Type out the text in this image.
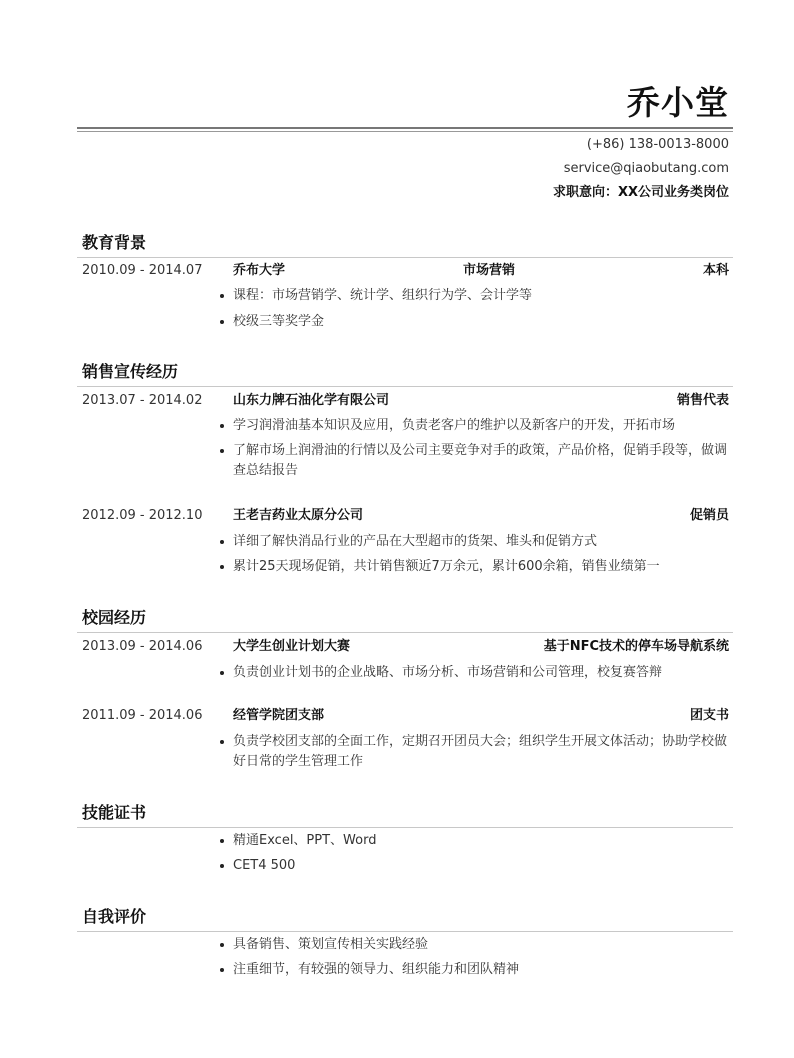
乔小堂
(+86) 138-0013-8000
service@qiaobutang.com
求职意向：XX公司业务类岗位
教育背景
2010.09 - 2014.07 乔布大学	市场营销	本科
课程：市场营销学、统计学、组织行为学、会计学等
校级三等奖学金
销售宣传经历
2013.07 - 2014.02 山东力牌石油化学有限公司	销售代表
学习润滑油基本知识及应用，负责老客户的维护以及新客户的开发，开拓市场
了解市场上润滑油的行情以及公司主要竞争对手的政策，产品价格，促销手段等，做调查总结报告
2012.09 - 2012.10 王老吉药业太原分公司	促销员
详细了解快消品行业的产品在大型超市的货架、堆头和促销方式
累计25天现场促销，共计销售额近7万余元，累计600余箱，销售业绩第一
校园经历
2013.09 - 2014.06 大学生创业计划大赛	基于NFC技术的停车场导航系统
负责创业计划书的企业战略、市场分析、市场营销和公司管理，校复赛答辩
2011.09 - 2014.06 经管学院团支部	团支书
负责学校团支部的全面工作，定期召开团员大会；组织学生开展文体活动；协助学校做好日常的学生管理工作
技能证书
精通Excel、PPT、Word
CET4 500
自我评价
具备销售、策划宣传相关实践经验
注重细节，有较强的领导力、组织能力和团队精神
